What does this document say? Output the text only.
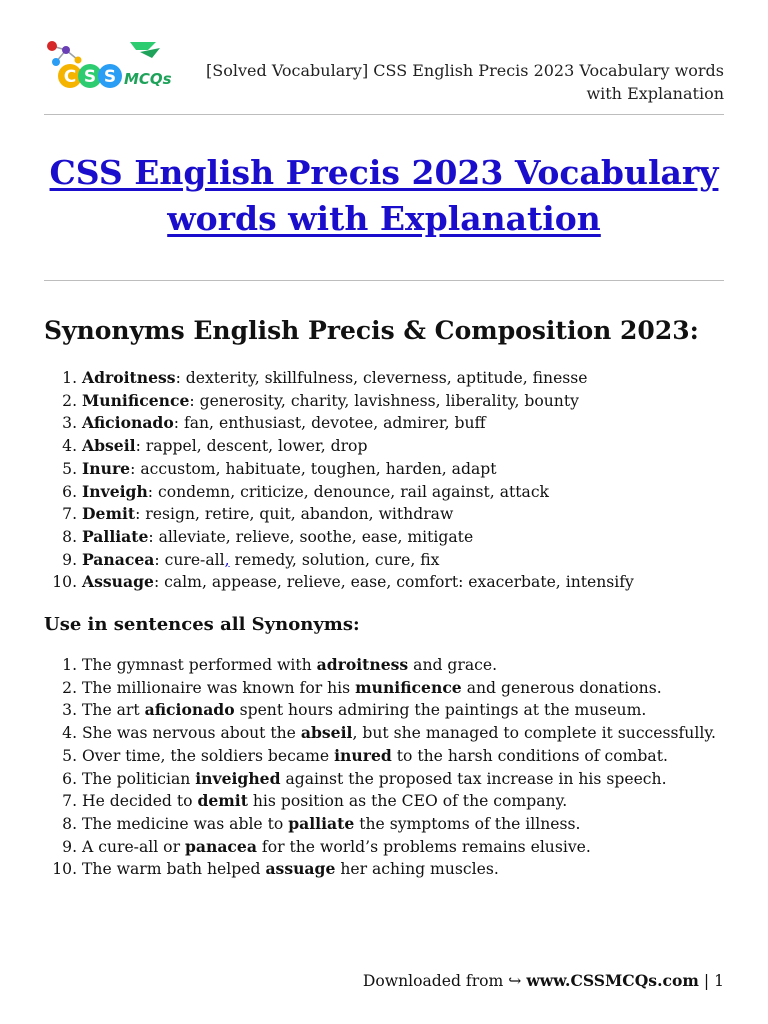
C S S MCQs [Solved Vocabulary] CSS English Precis 2023 Vocabulary words with Explanation
CSS English Precis 2023 Vocabulary
words with Explanation
Synonyms English Precis & Composition 2023:
1. Adroitness: dexterity, skillfulness, cleverness, aptitude, finesse
2. Munificence: generosity, charity, lavishness, liberality, bounty
3. Aficionado: fan, enthusiast, devotee, admirer, buff
4. Abseil: rappel, descent, lower, drop
5. Inure: accustom, habituate, toughen, harden, adapt
6. Inveigh: condemn, criticize, denounce, rail against, attack
7. Demit: resign, retire, quit, abandon, withdraw
8. Palliate: alleviate, relieve, soothe, ease, mitigate
9. Panacea: cure-all, remedy, solution, cure, fix
10. Assuage: calm, appease, relieve, ease, comfort: exacerbate, intensify
Use in sentences all Synonyms:
1. The gymnast performed with adroitness and grace.
2. The millionaire was known for his munificence and generous donations.
3. The art aficionado spent hours admiring the paintings at the museum.
4. She was nervous about the abseil, but she managed to complete it successfully.
5. Over time, the soldiers became inured to the harsh conditions of combat.
6. The politician inveighed against the proposed tax increase in his speech.
7. He decided to demit his position as the CEO of the company.
8. The medicine was able to palliate the symptoms of the illness.
9. A cure-all or panacea for the world’s problems remains elusive.
10. The warm bath helped assuage her aching muscles.
Downloaded from ↪ www.CSSMCQs.com | 1
